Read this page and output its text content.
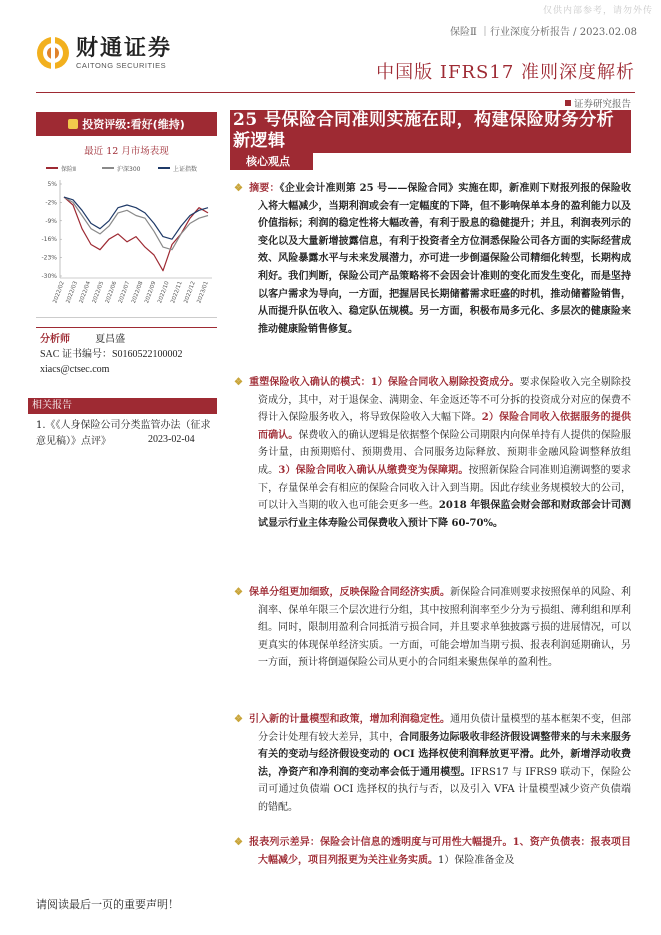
仅供内部参考，请勿外传
保险Ⅱ ｜行业深度分析报告 / 2023.02.08
财通证券
CAITONG SECURITIES	中国版 IFRS17 准则深度解析
证券研究报告
投资评级:看好(维持)
最近 12 月市场表现
保险Ⅱ	沪深300	上证指数
5%
-2%
-9%
-16%
-23%
-30%
2022/02 2022/03 2022/04 2022/05 2022/06 2022/07 2022/08 2022/09 2022/10 2022/11 2022/12 2023/01
分析师	夏昌盛
SAC 证书编号：S0160522100002
xiacs@ctsec.com
相关报告
1.《《人身保险公司分类监管办法（征求意见稿）》点评》	2023-02-04
25 号保险合同准则实施在即，构建保险财务分析新逻辑
核心观点
❖ 摘要：《企业会计准则第 25 号——保险合同》实施在即，新准则下财报列报的保险收入将大幅减少，当期利润或会有一定幅度的下降，但不影响保单本身的盈利能力以及价值指标；利润的稳定性将大幅改善，有利于股息的稳健提升；并且，利润表列示的变化以及大量新增披露信息，有利于投资者全方位洞悉保险公司各方面的实际经营成效、风险暴露水平与未来发展潜力，亦可进一步倒逼保险公司精细化转型，长期构成利好。我们判断，保险公司产品策略将不会因会计准则的变化而发生变化，而是坚持以客户需求为导向，一方面，把握居民长期储蓄需求旺盛的时机，推动储蓄险销售，从而提升队伍收入、稳定队伍规模。另一方面，积极布局多元化、多层次的健康险来推动健康险销售修复。
❖ 重塑保险收入确认的模式：1）保险合同收入剔除投资成分。要求保险收入完全剔除投资成分，其中，对于退保金、满期金、年金返还等不可分拆的投资成分对应的保费不得计入保险服务收入，将导致保险收入大幅下降。2）保险合同收入依据服务的提供而确认。保费收入的确认逻辑是依据整个保险公司期限内向保单持有人提供的保险服务计量，由预期赔付、预期费用、合同服务边际释放、预期非金融风险调整释放组成。3）保险合同收入确认从缴费变为保障期。按照新保险合同准则追溯调整的要求下，存量保单会有相应的保险合同收入计入到当期。因此存续业务规模较大的公司，可以计入当期的收入也可能会更多一些。2018 年银保监会财会部和财政部会计司测试显示行业主体寿险公司保费收入预计下降 60-70%。
❖ 保单分组更加细致，反映保险合同经济实质。新保险合同准则要求按照保单的风险、利润率、保单年限三个层次进行分组，其中按照利润率至少分为亏损组、薄利组和厚利组。同时，限制用盈利合同抵消亏损合同，并且要求单独披露亏损的进展情况，可以更真实的体现保单经济实质。一方面，可能会增加当期亏损、报表利润延期确认，另一方面，预计将倒逼保险公司从更小的合同组来聚焦保单的盈利性。
❖ 引入新的计量模型和政策，增加利润稳定性。通用负债计量模型的基本框架不变，但部分会计处理有较大差异，其中，合同服务边际吸收非经济假设调整带来的与未来服务有关的变动与经济假设变动的 OCI 选择权使利润释放更平滑。此外，新增浮动收费法，净资产和净利润的变动率会低于通用模型。IFRS17 与 IFRS9 联动下，保险公司可通过负债端 OCI 选择权的执行与否，以及引入 VFA 计量模型减少资产负债端的错配。
❖ 报表列示差异：保险会计信息的透明度与可用性大幅提升。1、资产负债表：报表项目大幅减少，项目列报更为关注业务实质。1）保险准备金及
请阅读最后一页的重要声明！
